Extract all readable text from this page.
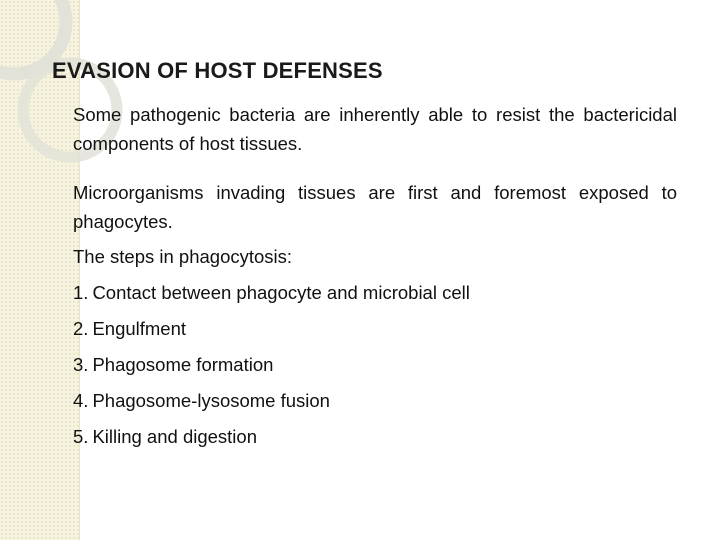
EVASION OF HOST DEFENSES

Some pathogenic bacteria are inherently able to resist the bactericidal components of host tissues.

Microorganisms invading tissues are first and foremost exposed to phagocytes.

The steps in phagocytosis:

1. Contact between phagocyte and microbial cell
2. Engulfment
3. Phagosome formation
4. Phagosome-lysosome fusion
5. Killing and digestion
